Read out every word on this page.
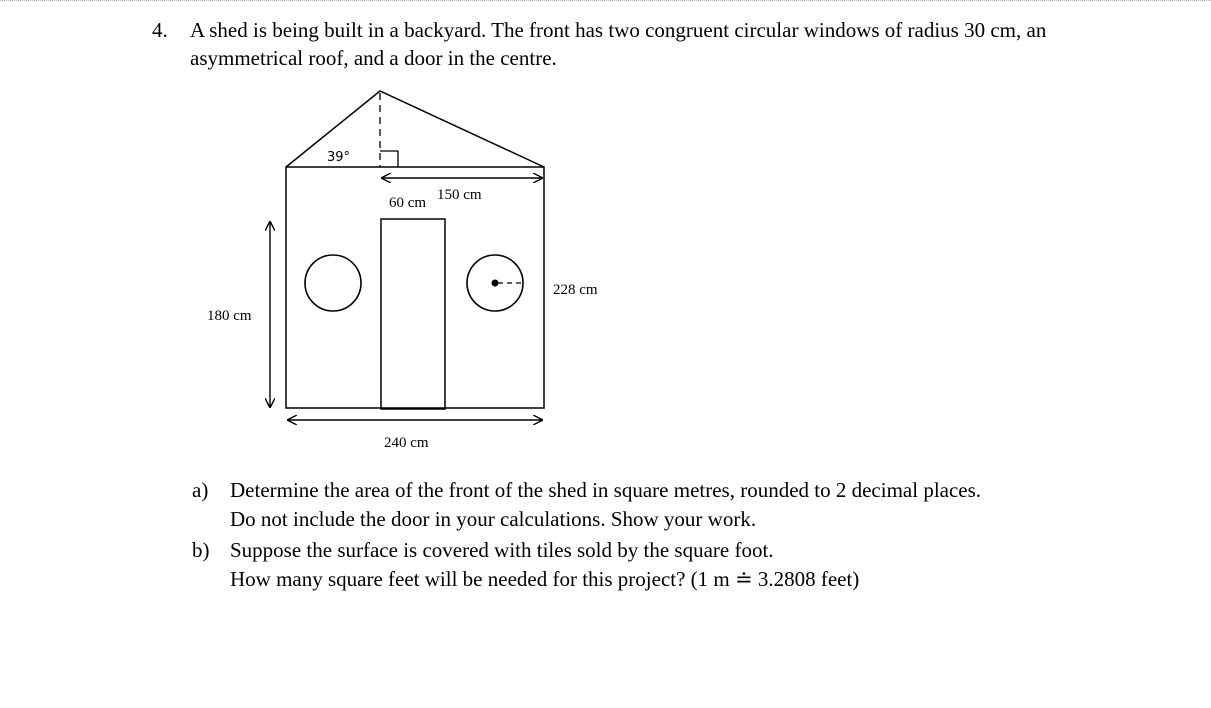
4. A shed is being built in a backyard. The front has two congruent circular windows of radius 30 cm, an
asymmetrical roof, and a door in the centre.
39°
60 cm 150 cm
228 cm
180 cm
240 cm
a) Determine the area of the front of the shed in square metres, rounded to 2 decimal places.
Do not include the door in your calculations. Show your work.
b) Suppose the surface is covered with tiles sold by the square foot.
How many square feet will be needed for this project? (1 m ≐ 3.2808 feet)
